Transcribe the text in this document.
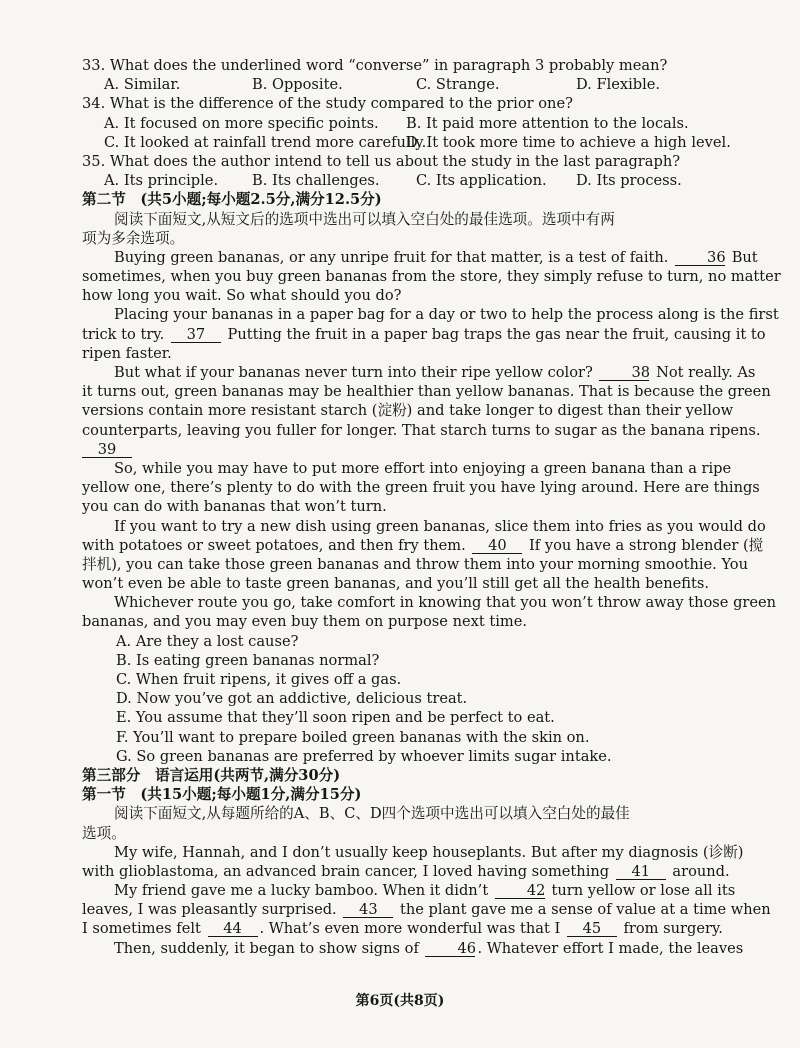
33. What does the underlined word “converse” in paragraph 3 probably mean?
A. Similar.	B. Opposite.	C. Strange.	D. Flexible.
34. What is the difference of the study compared to the prior one?
A. It focused on more specific points.	B. It paid more attention to the locals.
C. It looked at rainfall trend more carefully.
D. It took more time to achieve a high level.
35. What does the author intend to tell us about the study in the last paragraph?
A. Its principle.	B. Its challenges.	C. Its application.	D. Its process.
第二节　(共5小题;每小题2.5分,满分12.5分)
阅读下面短文,从短文后的选项中选出可以填入空白处的最佳选项。选项中有两
项为多余选项。
Buying green bananas, or any unripe fruit for that matter, is a test of faith.	36 But
sometimes, when you buy green bananas from the store, they simply refuse to turn, no matter
how long you wait. So what should you do?
Placing your bananas in a paper bag for a day or two to help the process along is the first
trick to try. 37 Putting the fruit in a paper bag traps the gas near the fruit, causing it to
ripen faster.
But what if your bananas never turn into their ripe yellow color?	38 Not really. As
it turns out, green bananas may be healthier than yellow bananas. That is because the green
versions contain more resistant starch (淀粉) and take longer to digest than their yellow
counterparts, leaving you fuller for longer. That starch turns to sugar as the banana ripens.
39
So, while you may have to put more effort into enjoying a green banana than a ripe
yellow one, there’s plenty to do with the green fruit you have lying around. Here are things
you can do with bananas that won’t turn.
If you want to try a new dish using green bananas, slice them into fries as you would do
with potatoes or sweet potatoes, and then fry them. 40 If you have a strong blender (搅
拌机), you can take those green bananas and throw them into your morning smoothie. You
won’t even be able to taste green bananas, and you’ll still get all the health benefits.
Whichever route you go, take comfort in knowing that you won’t throw away those green
bananas, and you may even buy them on purpose next time.
A. Are they a lost cause?
B. Is eating green bananas normal?
C. When fruit ripens, it gives off a gas.
D. Now you’ve got an addictive, delicious treat.
E. You assume that they’ll soon ripen and be perfect to eat.
F. You’ll want to prepare boiled green bananas with the skin on.
G. So green bananas are preferred by whoever limits sugar intake.
第三部分　语言运用(共两节,满分30分)
第一节　(共15小题;每小题1分,满分15分)
阅读下面短文,从每题所给的A、B、C、D四个选项中选出可以填入空白处的最佳
选项。
My wife, Hannah, and I don’t usually keep houseplants. But after my diagnosis (诊断)
with glioblastoma, an advanced brain cancer, I loved having something 41 around.
My friend gave me a lucky bamboo. When it didn’t	42 turn yellow or lose all its
leaves, I was pleasantly surprised. 43 the plant gave me a sense of value at a time when
I sometimes felt 44 . What’s even more wonderful was that I 45 from surgery.
Then, suddenly, it began to show signs of	46. Whatever effort I made, the leaves
第6页(共8页)
